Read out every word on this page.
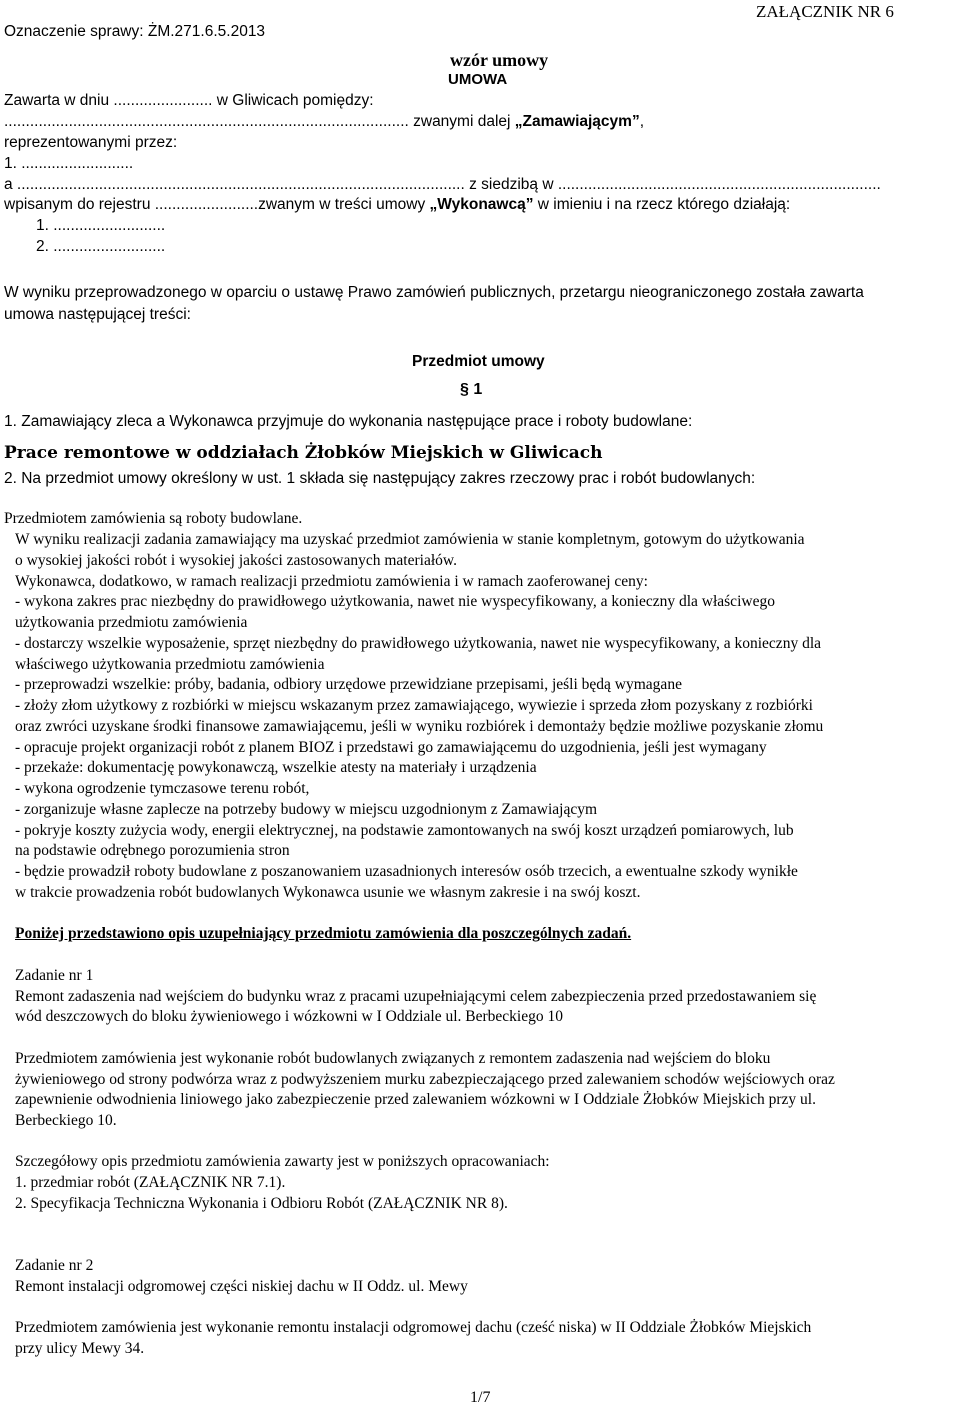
Oznaczenie sprawy: ŻM.271.6.5.2013
ZAŁĄCZNIK NR 6
wzór umowy
UMOWA
Zawarta w dniu ....................... w Gliwicach pomiędzy:
.............................................................................................. zwanymi dalej „Zamawiającym”,
reprezentowanymi przez:
1. ..........................
a ........................................................................................................ z siedzibą w ...........................................................................
wpisanym do rejestru ........................zwanym w treści umowy „Wykonawcą” w imieniu i na rzecz którego działają:
1. ..........................
2. ..........................
W wyniku przeprowadzonego w oparciu o ustawę Prawo zamówień publicznych, przetargu nieograniczonego została zawarta
umowa następującej treści:
Przedmiot umowy
§ 1
1. Zamawiający zleca a Wykonawca przyjmuje do wykonania następujące prace i roboty budowlane:
Prace remontowe w oddziałach Żłobków Miejskich w Gliwicach
2. Na przedmiot umowy określony w ust. 1 składa się następujący zakres rzeczowy prac i robót budowlanych:
Przedmiotem zamówienia są roboty budowlane.
W wyniku realizacji zadania zamawiający ma uzyskać przedmiot zamówienia w stanie kompletnym, gotowym do użytkowania
o wysokiej jakości robót i wysokiej jakości zastosowanych materiałów.
Wykonawca, dodatkowo, w ramach realizacji przedmiotu zamówienia i w ramach zaoferowanej ceny:
- wykona zakres prac niezbędny do prawidłowego użytkowania, nawet nie wyspecyfikowany, a konieczny dla właściwego
użytkowania przedmiotu zamówienia
- dostarczy wszelkie wyposażenie, sprzęt niezbędny do prawidłowego użytkowania, nawet nie wyspecyfikowany, a konieczny dla
właściwego użytkowania przedmiotu zamówienia
- przeprowadzi wszelkie: próby, badania, odbiory urzędowe przewidziane przepisami, jeśli będą wymagane
- złoży złom użytkowy z rozbiórki w miejscu wskazanym przez zamawiającego, wywiezie i sprzeda złom pozyskany z rozbiórki
oraz zwróci uzyskane środki finansowe zamawiającemu, jeśli w wyniku rozbiórek i demontaży będzie możliwe pozyskanie złomu
- opracuje projekt organizacji robót z planem BIOZ i przedstawi go zamawiającemu do uzgodnienia, jeśli jest wymagany
- przekaże: dokumentację powykonawczą, wszelkie atesty na materiały i urządzenia
- wykona ogrodzenie tymczasowe terenu robót,
- zorganizuje własne zaplecze na potrzeby budowy w miejscu uzgodnionym z Zamawiającym
- pokryje koszty zużycia wody, energii elektrycznej, na podstawie zamontowanych na swój koszt urządzeń pomiarowych, lub
na podstawie odrębnego porozumienia stron
- będzie prowadził roboty budowlane z poszanowaniem uzasadnionych interesów osób trzecich, a ewentualne szkody wynikłe
w trakcie prowadzenia robót budowlanych Wykonawca usunie we własnym zakresie i na swój koszt.
Poniżej przedstawiono opis uzupełniający przedmiotu zamówienia dla poszczególnych zadań.
Zadanie nr 1
Remont zadaszenia nad wejściem do budynku wraz z pracami uzupełniającymi celem zabezpieczenia przed przedostawaniem się
wód deszczowych do bloku żywieniowego i wózkowni w I Oddziale ul. Berbeckiego 10
Przedmiotem zamówienia jest wykonanie robót budowlanych związanych z remontem zadaszenia nad wejściem do bloku
żywieniowego od strony podwórza wraz z podwyższeniem murku zabezpieczającego przed zalewaniem schodów wejściowych oraz
zapewnienie odwodnienia liniowego jako zabezpieczenie przed zalewaniem wózkowni w I Oddziale Żłobków Miejskich przy ul.
Berbeckiego 10.
Szczegółowy opis przedmiotu zamówienia zawarty jest w poniższych opracowaniach:
1. przedmiar robót (ZAŁĄCZNIK NR 7.1).
2. Specyfikacja Techniczna Wykonania i Odbioru Robót (ZAŁĄCZNIK NR 8).
Zadanie nr 2
Remont instalacji odgromowej części niskiej dachu w II Oddz. ul. Mewy
Przedmiotem zamówienia jest wykonanie remontu instalacji odgromowej dachu (cześć niska) w II Oddziale Żłobków Miejskich
przy ulicy Mewy 34.
1/7
